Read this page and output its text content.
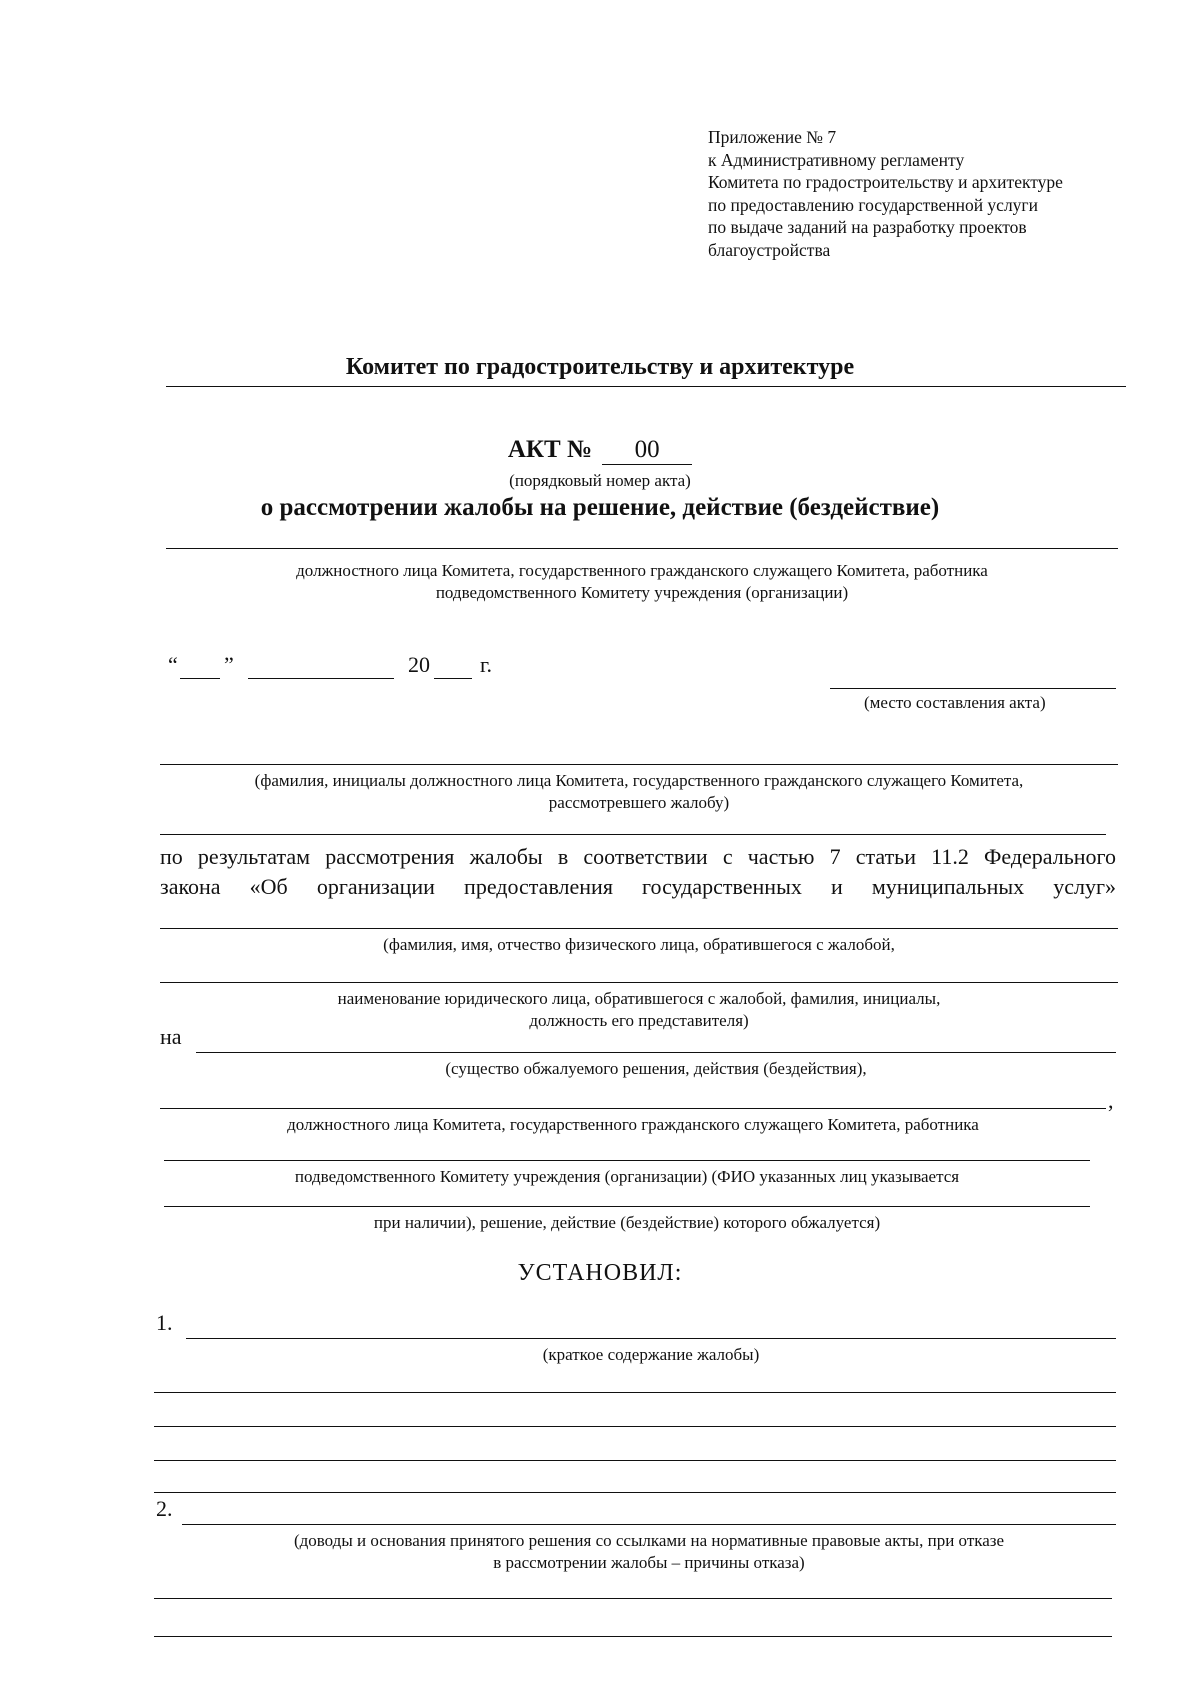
Приложение № 7
к Административному регламенту
Комитета по градостроительству и архитектуре
по предоставлению государственной услуги
по выдаче заданий на разработку проектов
благоустройства
Комитет по градостроительству и архитектуре
АКТ № 00
(порядковый номер акта)
о рассмотрении жалобы на решение, действие (бездействие)
должностного лица Комитета, государственного гражданского служащего Комитета, работника
подведомственного Комитету учреждения (организации)
“ ”	20 г.
(место составления акта)
(фамилия, инициалы должностного лица Комитета, государственного гражданского служащего Комитета,
рассмотревшего жалобу)
по результатам рассмотрения жалобы в соответствии с частью 7 статьи 11.2 Федерального
закона «Об организации предоставления государственных и муниципальных услуг»
(фамилия, имя, отчество физического лица, обратившегося с жалобой,
наименование юридического лица, обратившегося с жалобой, фамилия, инициалы,
должность его представителя)
на
(существо обжалуемого решения, действия (бездействия),
,
должностного лица Комитета, государственного гражданского служащего Комитета, работника
подведомственного Комитету учреждения (организации) (ФИО указанных лиц указывается
при наличии), решение, действие (бездействие) которого обжалуется)
УСТАНОВИЛ:
1.
(краткое содержание жалобы)
2.
(доводы и основания принятого решения со ссылками на нормативные правовые акты, при отказе
в рассмотрении жалобы – причины отказа)
